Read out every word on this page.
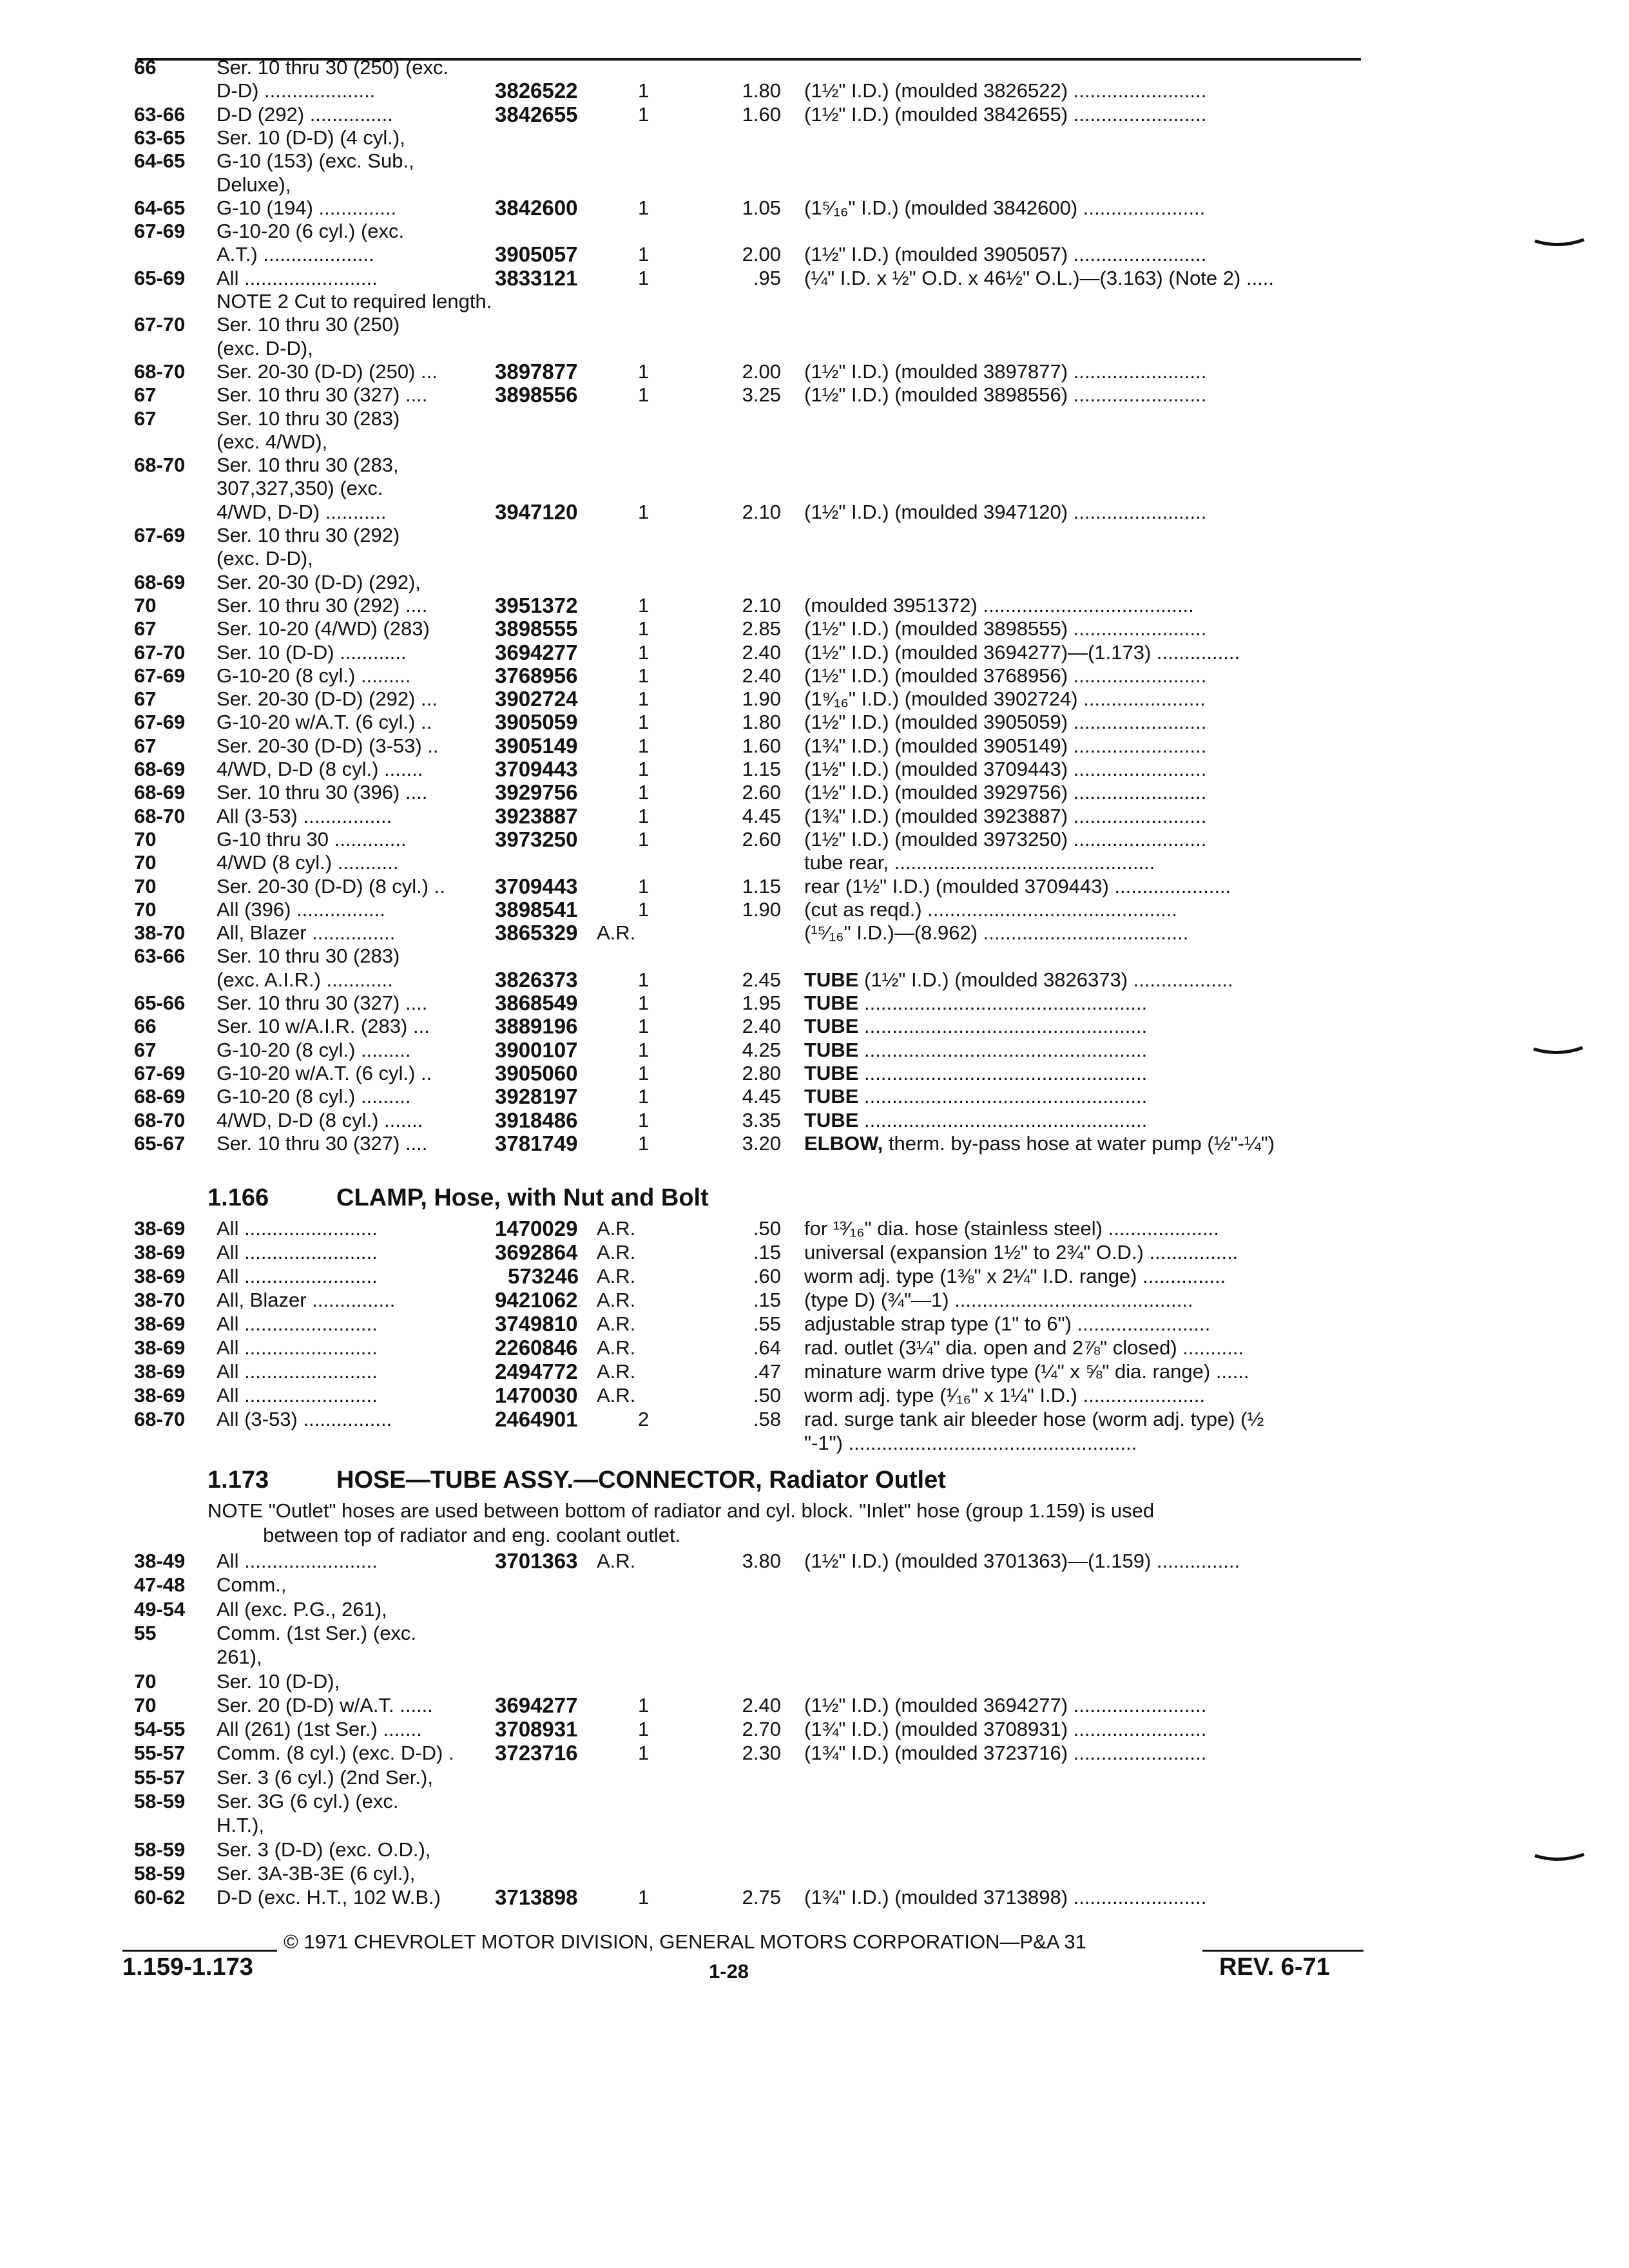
66	Ser. 10 thru 30 (250) (exc.
D-D) ....................	3826522	1	1.80 (1½" I.D.) (moulded 3826522) ........................
63-66 D-D (292) ...............	3842655	1	1.60 (1½" I.D.) (moulded 3842655) ........................
63-65 Ser. 10 (D-D) (4 cyl.),
64-65 G-10 (153) (exc. Sub.,
Deluxe),
64-65 G-10 (194) ..............	3842600	1	1.05 (1⁵⁄₁₆" I.D.) (moulded 3842600) ......................
67-69 G-10-20 (6 cyl.) (exc.
A.T.) ....................	3905057	1	2.00 (1½" I.D.) (moulded 3905057) ........................
65-69 All ........................	3833121	1	.95 (¼" I.D. x ½" O.D. x 46½" O.L.)—(3.163) (Note 2) .....
NOTE 2 Cut to required length.
67-70 Ser. 10 thru 30 (250)
(exc. D-D),
68-70 Ser. 20-30 (D-D) (250) ...	3897877	1	2.00 (1½" I.D.) (moulded 3897877) ........................
67	Ser. 10 thru 30 (327) ....	3898556	1	3.25 (1½" I.D.) (moulded 3898556) ........................
67	Ser. 10 thru 30 (283)
(exc. 4/WD),
68-70 Ser. 10 thru 30 (283,
307,327,350) (exc.
4/WD, D-D) ...........	3947120	1	2.10 (1½" I.D.) (moulded 3947120) ........................
67-69 Ser. 10 thru 30 (292)
(exc. D-D),
68-69 Ser. 20-30 (D-D) (292),
70	Ser. 10 thru 30 (292) ....	3951372	1	2.10 (moulded 3951372) ......................................
67	Ser. 10-20 (4/WD) (283)	3898555	1	2.85 (1½" I.D.) (moulded 3898555) ........................
67-70 Ser. 10 (D-D) ............	3694277	1	2.40 (1½" I.D.) (moulded 3694277)—(1.173) ...............
67-69 G-10-20 (8 cyl.) .........	3768956	1	2.40 (1½" I.D.) (moulded 3768956) ........................
67	Ser. 20-30 (D-D) (292) ...	3902724	1	1.90 (1⁹⁄₁₆" I.D.) (moulded 3902724) ......................
67-69 G-10-20 w/A.T. (6 cyl.) ..	3905059	1	1.80 (1½" I.D.) (moulded 3905059) ........................
67	Ser. 20-30 (D-D) (3-53) ..	3905149	1	1.60 (1¾" I.D.) (moulded 3905149) ........................
68-69 4/WD, D-D (8 cyl.) .......	3709443	1	1.15 (1½" I.D.) (moulded 3709443) ........................
68-69 Ser. 10 thru 30 (396) ....	3929756	1	2.60 (1½" I.D.) (moulded 3929756) ........................
68-70 All (3-53) ................	3923887	1	4.45 (1¾" I.D.) (moulded 3923887) ........................
70	G-10 thru 30 .............	3973250	1	2.60 (1½" I.D.) (moulded 3973250) ........................
70	4/WD (8 cyl.) ...........	tube rear, ...............................................
70	Ser. 20-30 (D-D) (8 cyl.) ..	3709443	1	1.15 rear (1½" I.D.) (moulded 3709443) .....................
70	All (396) ................	3898541	1	1.90 (cut as reqd.) .............................................
38-70 All, Blazer ...............	3865329 A.R.	(¹⁵⁄₁₆" I.D.)—(8.962) .....................................
63-66 Ser. 10 thru 30 (283)
(exc. A.I.R.) ............	3826373	1	2.45 TUBE (1½" I.D.) (moulded 3826373) ..................
65-66 Ser. 10 thru 30 (327) ....	3868549	1	1.95 TUBE ...................................................
66	Ser. 10 w/A.I.R. (283) ...	3889196	1	2.40 TUBE ...................................................
67	G-10-20 (8 cyl.) .........	3900107	1	4.25 TUBE ...................................................
67-69 G-10-20 w/A.T. (6 cyl.) ..	3905060	1	2.80 TUBE ...................................................
68-69 G-10-20 (8 cyl.) .........	3928197	1	4.45 TUBE ...................................................
68-70 4/WD, D-D (8 cyl.) .......	3918486	1	3.35 TUBE ...................................................
65-67 Ser. 10 thru 30 (327) ....	3781749	1	3.20 ELBOW, therm. by-pass hose at water pump (½"-¼")
1.166	CLAMP, Hose, with Nut and Bolt
38-69 All ........................	1470029 A.R.	.50 for ¹³⁄₁₆" dia. hose (stainless steel) ....................
38-69 All ........................	3692864 A.R.	.15 universal (expansion 1½" to 2¾" O.D.) ................
38-69 All ........................	573246 A.R.	.60 worm adj. type (1⅜" x 2¼" I.D. range) ...............
38-70 All, Blazer ...............	9421062 A.R.	.15 (type D) (¾"—1) ...........................................
38-69 All ........................	3749810 A.R.	.55 adjustable strap type (1" to 6") ........................
38-69 All ........................	2260846 A.R.	.64 rad. outlet (3¼" dia. open and 2⅞" closed) ...........
38-69 All ........................	2494772 A.R.	.47 minature warm drive type (¼" x ⅝" dia. range) ......
38-69 All ........................	1470030 A.R.	.50 worm adj. type (¹⁄₁₆" x 1¼" I.D.) ......................
68-70 All (3-53) ................	2464901	2	.58 rad. surge tank air bleeder hose (worm adj. type) (½
"-1") ....................................................
1.173	HOSE—TUBE ASSY.—CONNECTOR, Radiator Outlet
NOTE "Outlet" hoses are used between bottom of radiator and cyl. block. "Inlet" hose (group 1.159) is used
between top of radiator and eng. coolant outlet.
38-49 All ........................	3701363 A.R.	3.80 (1½" I.D.) (moulded 3701363)—(1.159) ...............
47-48 Comm.,
49-54 All (exc. P.G., 261),
55	Comm. (1st Ser.) (exc.
261),
70	Ser. 10 (D-D),
70	Ser. 20 (D-D) w/A.T. ......	3694277	1	2.40 (1½" I.D.) (moulded 3694277) ........................
54-55 All (261) (1st Ser.) .......	3708931	1	2.70 (1¾" I.D.) (moulded 3708931) ........................
55-57 Comm. (8 cyl.) (exc. D-D) .	3723716	1	2.30 (1¾" I.D.) (moulded 3723716) ........................
55-57 Ser. 3 (6 cyl.) (2nd Ser.),
58-59 Ser. 3G (6 cyl.) (exc.
H.T.),
58-59 Ser. 3 (D-D) (exc. O.D.),
58-59 Ser. 3A-3B-3E (6 cyl.),
60-62 D-D (exc. H.T., 102 W.B.)	3713898	1	2.75 (1¾" I.D.) (moulded 3713898) ........................
© 1971 CHEVROLET MOTOR DIVISION, GENERAL MOTORS CORPORATION—P&A 31
1.159-1.173	1-28	REV. 6-71
